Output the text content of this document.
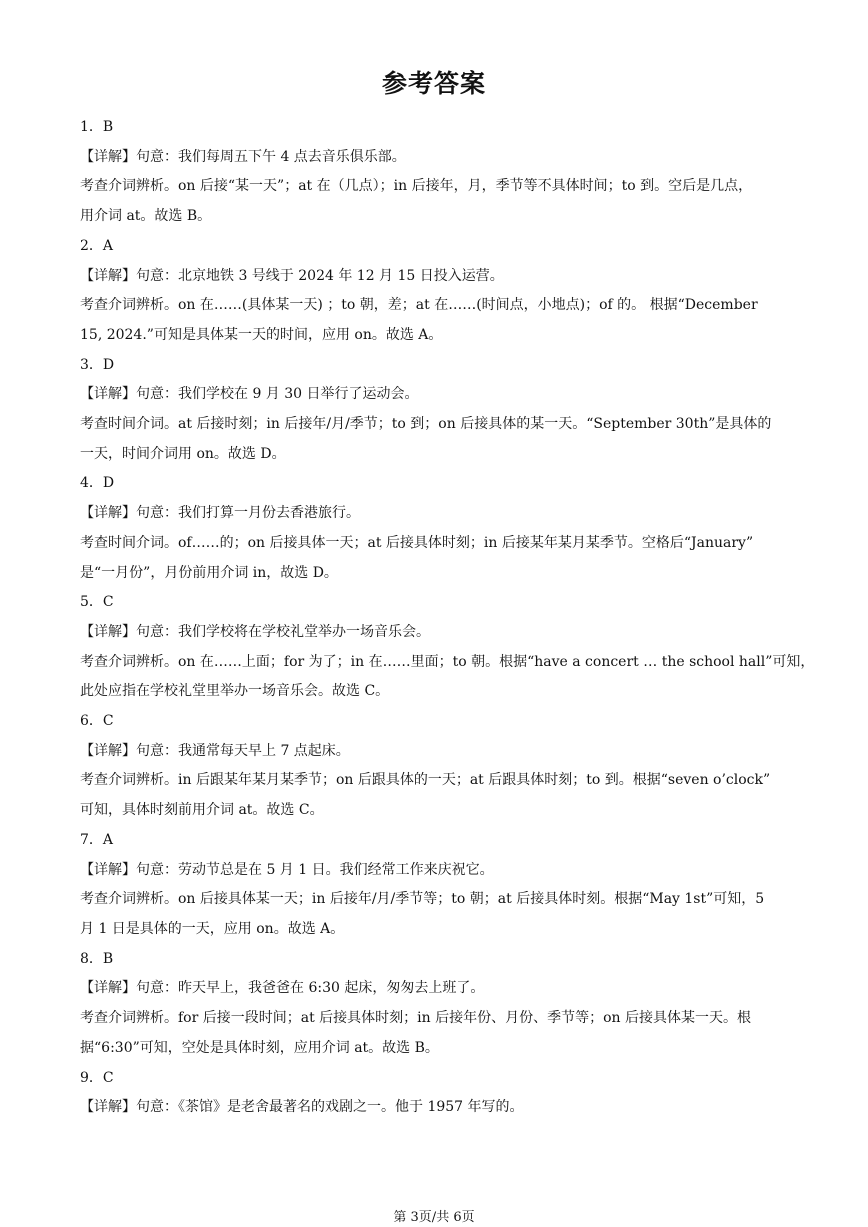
参考答案
1．B
【详解】句意：我们每周五下午 4 点去音乐俱乐部。
考查介词辨析。on 后接“某一天”；at 在（几点）；in 后接年，月，季节等不具体时间；to 到。空后是几点，
用介词 at。故选 B。
2．A
【详解】句意：北京地铁 3 号线于 2024 年 12 月 15 日投入运营。
考查介词辨析。on 在……(具体某一天) ；to 朝，差；at 在……(时间点，小地点)；of 的。 根据“December
15, 2024.”可知是具体某一天的时间，应用 on。故选 A。
3．D
【详解】句意：我们学校在 9 月 30 日举行了运动会。
考查时间介词。at 后接时刻；in 后接年/月/季节；to 到；on 后接具体的某一天。“September 30th”是具体的
一天，时间介词用 on。故选 D。
4．D
【详解】句意：我们打算一月份去香港旅行。
考查时间介词。of……的；on 后接具体一天；at 后接具体时刻；in 后接某年某月某季节。空格后“January”
是“一月份”，月份前用介词 in，故选 D。
5．C
【详解】句意：我们学校将在学校礼堂举办一场音乐会。
考查介词辨析。on 在……上面；for 为了；in 在……里面；to 朝。根据“have a concert … the school hall”可知，
此处应指在学校礼堂里举办一场音乐会。故选 C。
6．C
【详解】句意：我通常每天早上 7 点起床。
考查介词辨析。in 后跟某年某月某季节；on 后跟具体的一天；at 后跟具体时刻；to 到。根据“seven o’clock”
可知，具体时刻前用介词 at。故选 C。
7．A
【详解】句意：劳动节总是在 5 月 1 日。我们经常工作来庆祝它。
考查介词辨析。on 后接具体某一天；in 后接年/月/季节等；to 朝；at 后接具体时刻。根据“May 1st”可知，5
月 1 日是具体的一天，应用 on。故选 A。
8．B
【详解】句意：昨天早上，我爸爸在 6:30 起床，匆匆去上班了。
考查介词辨析。for 后接一段时间；at 后接具体时刻；in 后接年份、月份、季节等；on 后接具体某一天。根
据“6:30”可知，空处是具体时刻，应用介词 at。故选 B。
9．C
【详解】句意：《茶馆》是老舍最著名的戏剧之一。他于 1957 年写的。
第 3页/共 6页
